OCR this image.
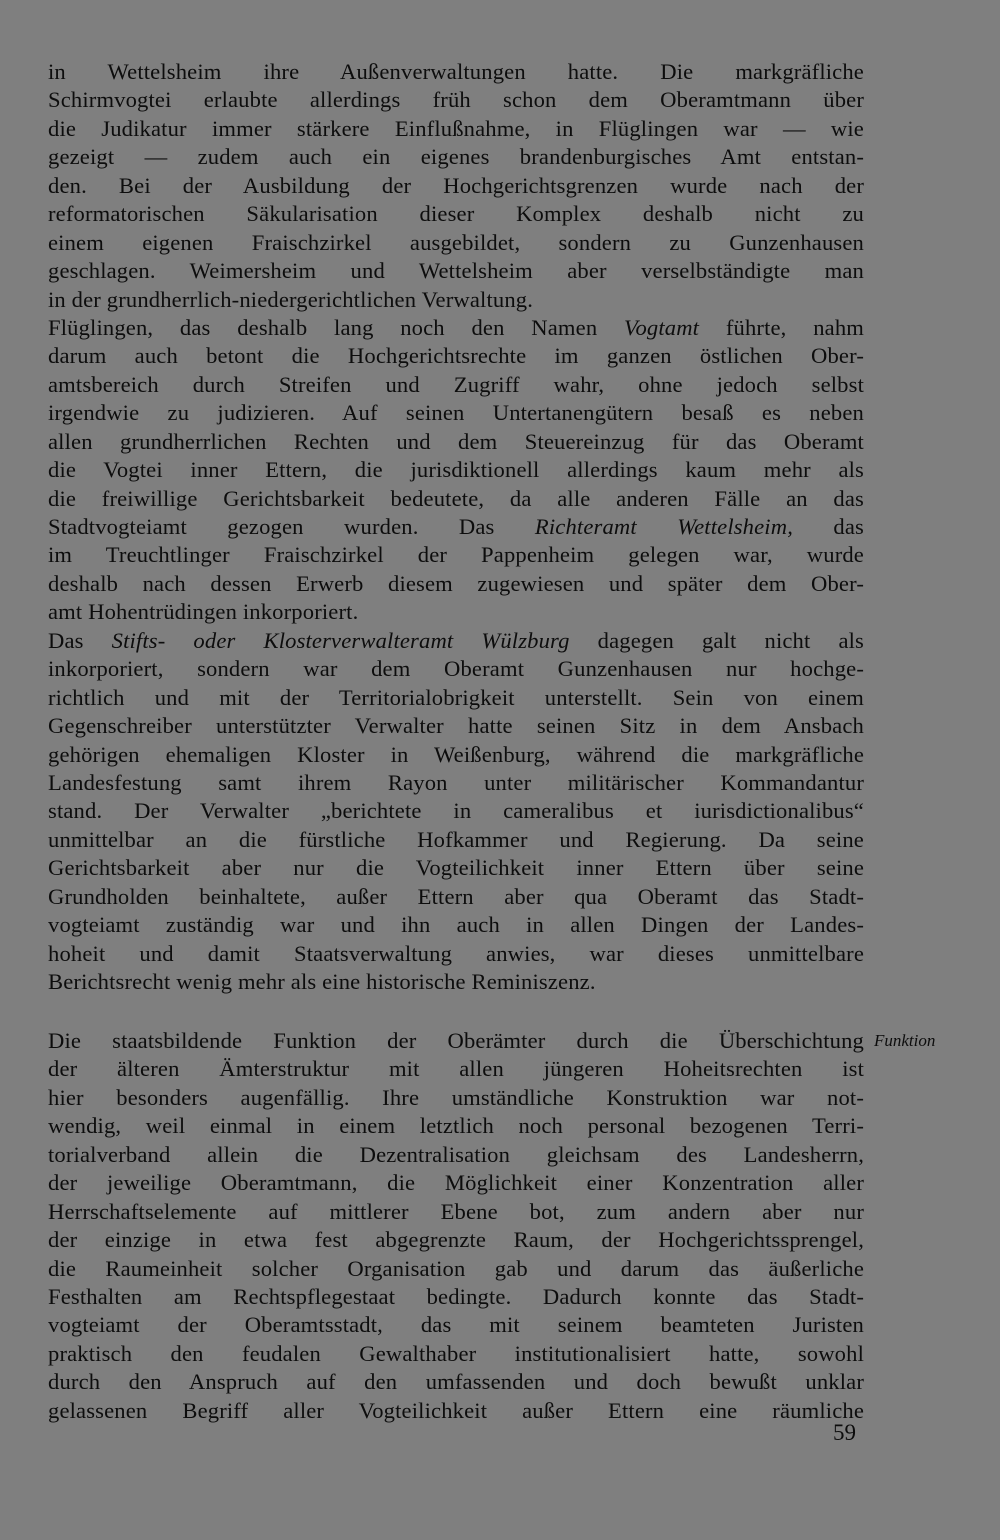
in Wettelsheim ihre Außenverwaltungen hatte. Die markgräfliche
Schirmvogtei erlaubte allerdings früh schon dem Oberamtmann über
die Judikatur immer stärkere Einflußnahme, in Flüglingen war — wie
gezeigt — zudem auch ein eigenes brandenburgisches Amt entstan-
den. Bei der Ausbildung der Hochgerichtsgrenzen wurde nach der
reformatorischen Säkularisation dieser Komplex deshalb nicht zu
einem eigenen Fraischzirkel ausgebildet, sondern zu Gunzenhausen
geschlagen. Weimersheim und Wettelsheim aber verselbständigte man
in der grundherrlich-niedergerichtlichen Verwaltung.
Flüglingen, das deshalb lang noch den Namen Vogtamt führte, nahm
darum auch betont die Hochgerichtsrechte im ganzen östlichen Ober-
amtsbereich durch Streifen und Zugriff wahr, ohne jedoch selbst
irgendwie zu judizieren. Auf seinen Untertanengütern besaß es neben
allen grundherrlichen Rechten und dem Steuereinzug für das Oberamt
die Vogtei inner Ettern, die jurisdiktionell allerdings kaum mehr als
die freiwillige Gerichtsbarkeit bedeutete, da alle anderen Fälle an das
Stadtvogteiamt gezogen wurden. Das Richteramt Wettelsheim, das
im Treuchtlinger Fraischzirkel der Pappenheim gelegen war, wurde
deshalb nach dessen Erwerb diesem zugewiesen und später dem Ober-
amt Hohentrüdingen inkorporiert.
Das Stifts- oder Klosterverwalteramt Wülzburg dagegen galt nicht als
inkorporiert, sondern war dem Oberamt Gunzenhausen nur hochge-
richtlich und mit der Territorialobrigkeit unterstellt. Sein von einem
Gegenschreiber unterstützter Verwalter hatte seinen Sitz in dem Ansbach
gehörigen ehemaligen Kloster in Weißenburg, während die markgräfliche
Landesfestung samt ihrem Rayon unter militärischer Kommandantur
stand. Der Verwalter „berichtete in cameralibus et iurisdictionalibus“
unmittelbar an die fürstliche Hofkammer und Regierung. Da seine
Gerichtsbarkeit aber nur die Vogteilichkeit inner Ettern über seine
Grundholden beinhaltete, außer Ettern aber qua Oberamt das Stadt-
vogteiamt zuständig war und ihn auch in allen Dingen der Landes-
hoheit und damit Staatsverwaltung anwies, war dieses unmittelbare
Berichtsrecht wenig mehr als eine historische Reminiszenz.
Die staatsbildende Funktion der Oberämter durch die Überschichtung
der älteren Ämterstruktur mit allen jüngeren Hoheitsrechten ist
hier besonders augenfällig. Ihre umständliche Konstruktion war not-
wendig, weil einmal in einem letztlich noch personal bezogenen Terri-
torialverband allein die Dezentralisation gleichsam des Landesherrn,
der jeweilige Oberamtmann, die Möglichkeit einer Konzentration aller
Herrschaftselemente auf mittlerer Ebene bot, zum andern aber nur
der einzige in etwa fest abgegrenzte Raum, der Hochgerichtssprengel,
die Raumeinheit solcher Organisation gab und darum das äußerliche
Festhalten am Rechtspflegestaat bedingte. Dadurch konnte das Stadt-
vogteiamt der Oberamtsstadt, das mit seinem beamteten Juristen
praktisch den feudalen Gewalthaber institutionalisiert hatte, sowohl
durch den Anspruch auf den umfassenden und doch bewußt unklar
gelassenen Begriff aller Vogteilichkeit außer Ettern eine räumliche
Funktion
59
